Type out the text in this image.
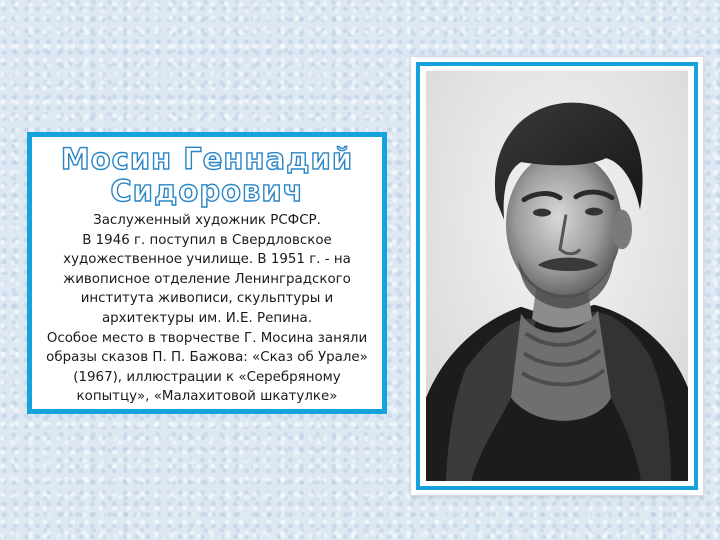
Мосин Геннадий
Сидорович
Заслуженный художник РСФСР.
В 1946 г. поступил в Свердловское
художественное училище. В 1951 г. - на
живописное отделение Ленинградского
института живописи, скульптуры и
архитектуры им. И.Е. Репина.
Особое место в творчестве Г. Мосина заняли
образы сказов П. П. Бажова: «Сказ об Урале»
(1967), иллюстрации к «Серебряному
копытцу», «Малахитовой шкатулке»
